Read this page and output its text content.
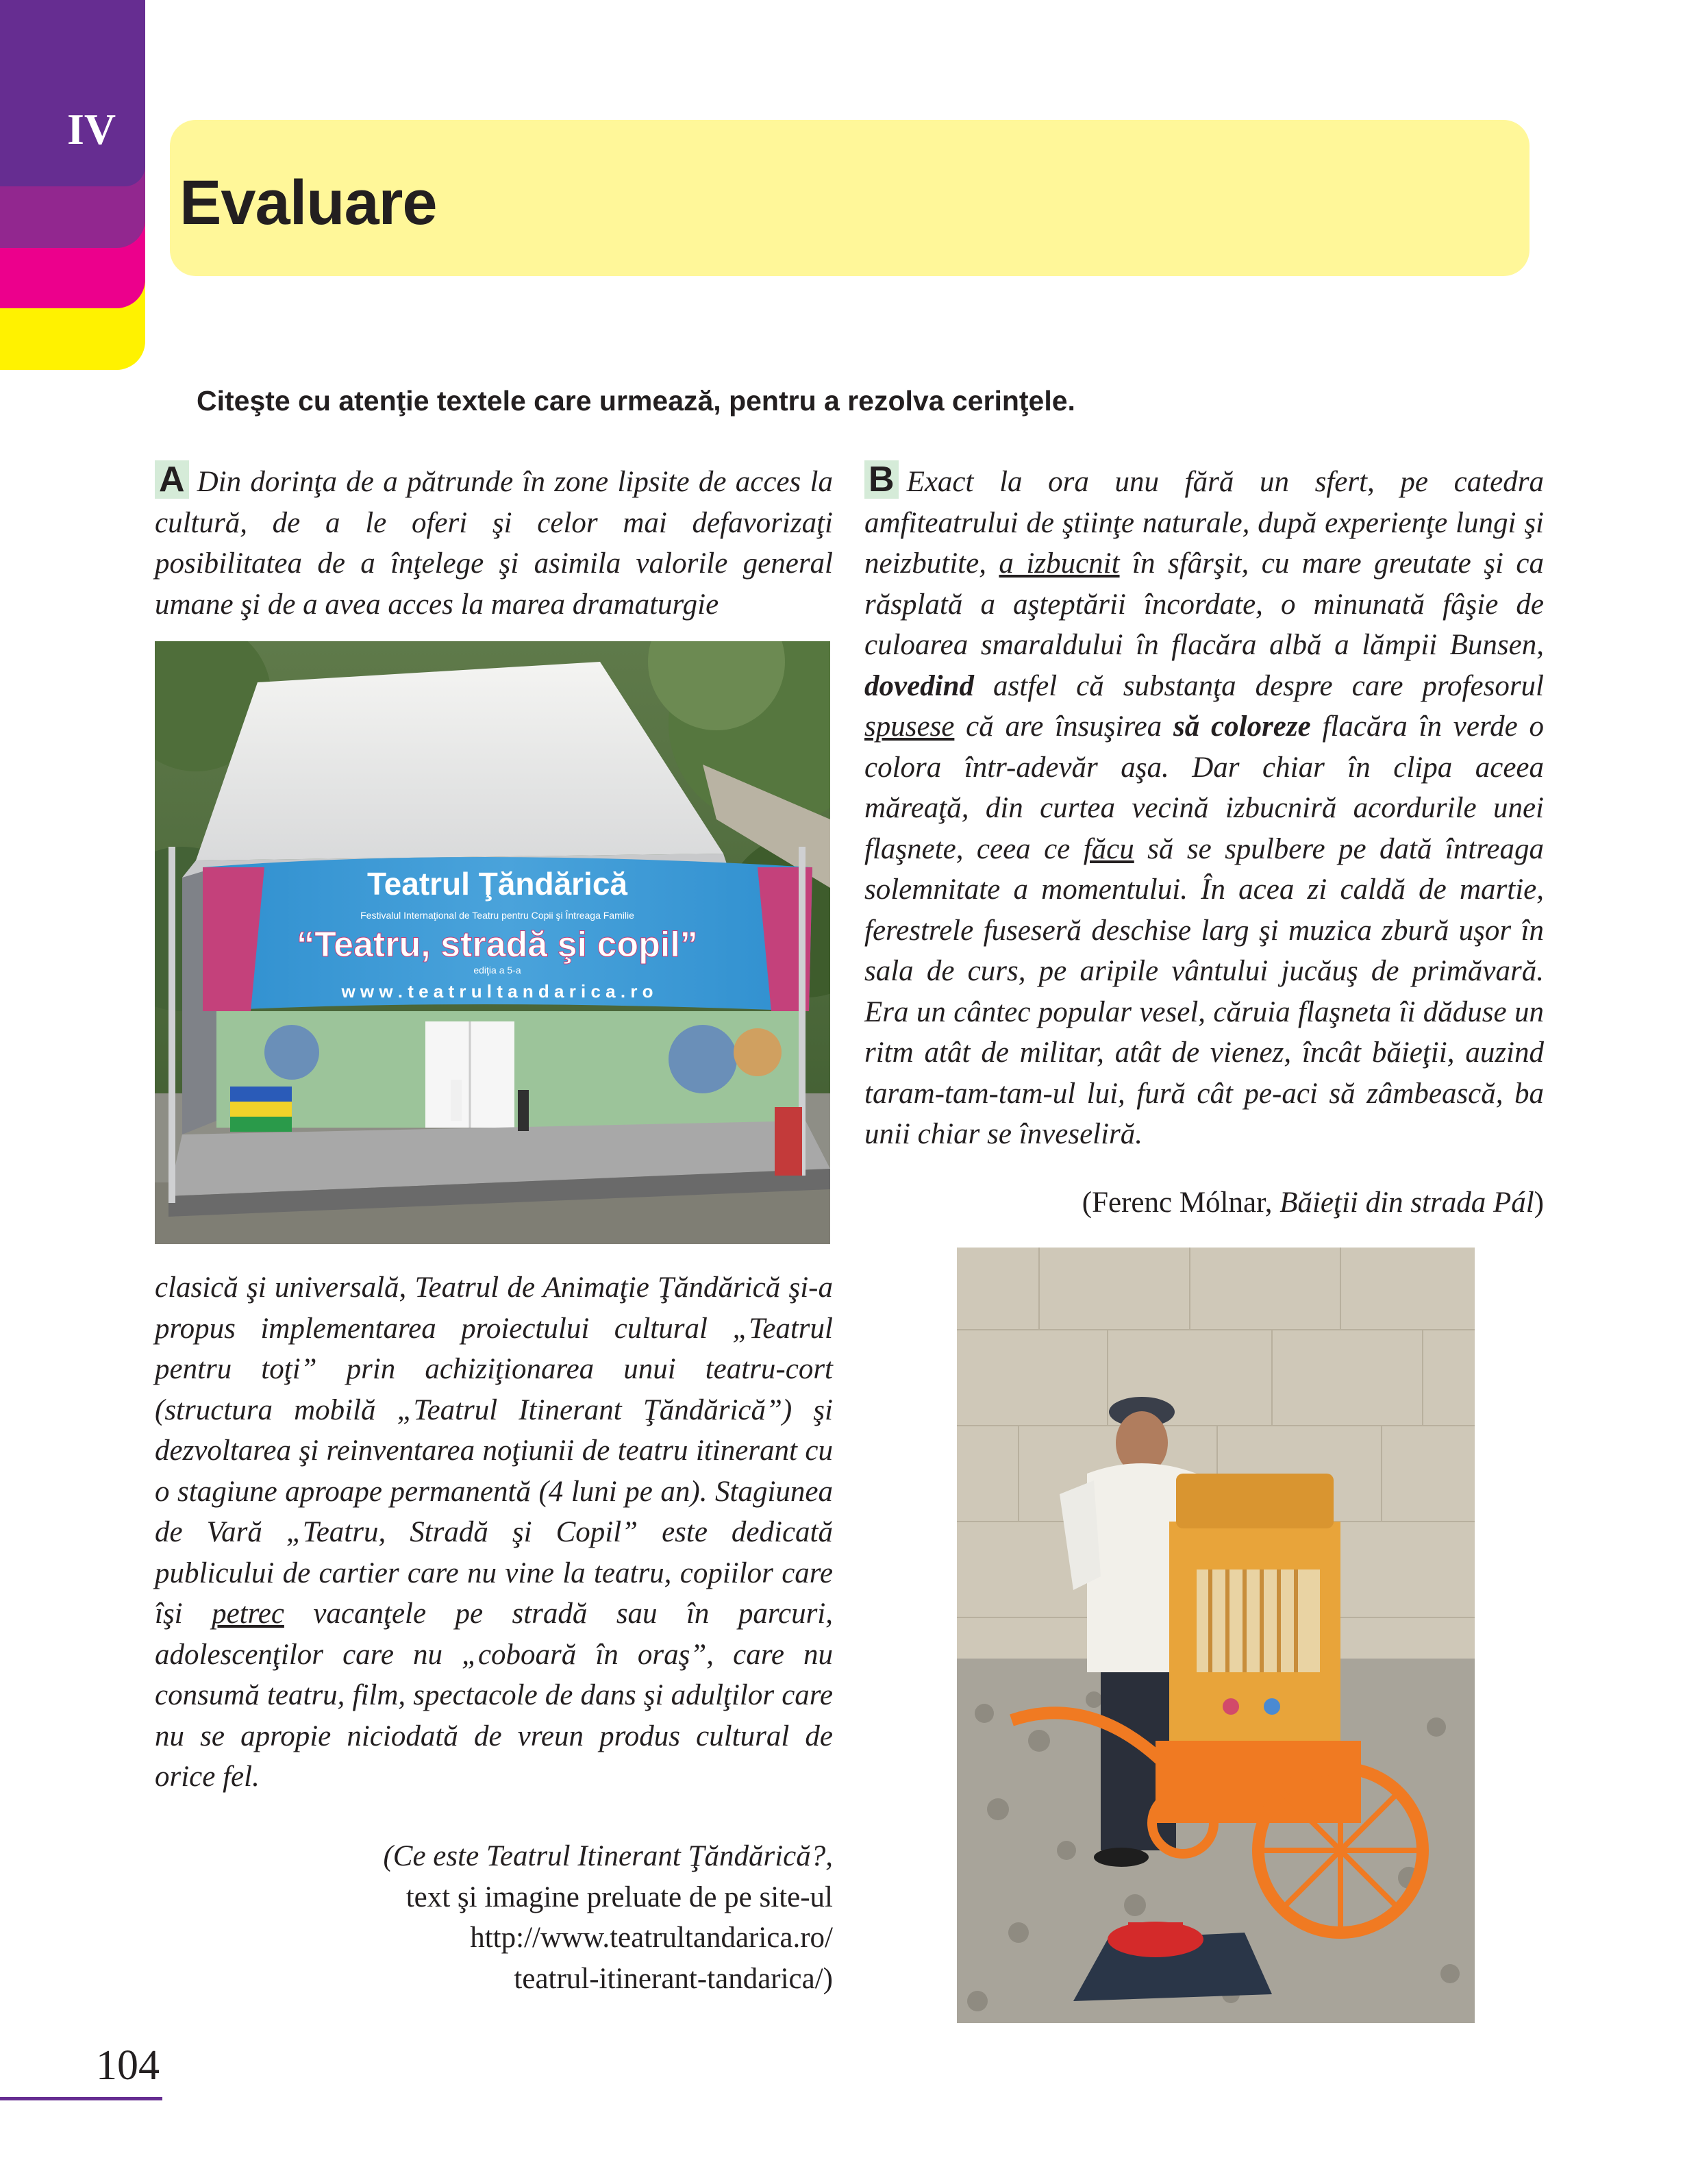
IV
Evaluare
Citeşte cu atenţie textele care urmează, pentru a rezolva cerinţele.

A Din dorinţa de a pătrunde în zone lipsite de acces la cultură, de a le oferi şi celor mai defavorizaţi posibilitatea de a înţelege şi asimila valorile general umane şi de a avea acces la marea dramaturgie

Teatrul Ţăndărică
Festivalul Internaţional de Teatru pentru Copii şi Întreaga Familie
“Teatru, stradă şi copil”
ediţia a 5-a
w w w . t e a t r u l t a n d a r i c a . r o

clasică şi universală, Teatrul de Animaţie Ţăndărică şi-a propus implementarea proiectului cultural „Teatrul pentru toţi” prin achiziţionarea unui teatru-cort (structura mobilă „Teatrul Itinerant Ţăndărică”) şi dezvoltarea şi reinventarea noţiunii de teatru itinerant cu o stagiune aproape permanentă (4 luni pe an). Stagiunea de Vară „Teatru, Stradă şi Copil” este dedicată publicului de cartier care nu vine la teatru, copiilor care îşi petrec vacanţele pe stradă sau în parcuri, adolescenţilor care nu „coboară în oraş”, care nu consumă teatru, film, spectacole de dans şi adulţilor care nu se apropie niciodată de vreun produs cultural de orice fel.

(Ce este Teatrul Itinerant Ţăndărică?,
text şi imagine preluate de pe site-ul
http://www.teatrultandarica.ro/
teatrul-itinerant-tandarica/)

B Exact la ora unu fără un sfert, pe catedra amfiteatrului de ştiinţe naturale, după experienţe lungi şi neizbutite, a izbucnit în sfârşit, cu mare greutate şi ca răsplată a aşteptării încordate, o minunată fâşie de culoarea smaraldului în flacăra albă a lămpii Bunsen, dovedind astfel că substanţa despre care profesorul spusese că are însuşirea să coloreze flacăra în verde o colora într-adevăr aşa. Dar chiar în clipa aceea măreaţă, din curtea vecină izbucniră acordurile unei flaşnete, ceea ce făcu să se spulbere pe dată întreaga solemnitate a momentului. În acea zi caldă de martie, ferestrele fuseseră deschise larg şi muzica zbură uşor în sala de curs, pe aripile vântului jucăuş de primăvară. Era un cântec popular vesel, căruia flaşneta îi dăduse un ritm atât de militar, atât de vienez, încât băieţii, auzind taram-tam-tam-ul lui, fură cât pe-aci să zâmbească, ba unii chiar se înveseliră.

(Ferenc Mólnar, Băieţii din strada Pál)
104
